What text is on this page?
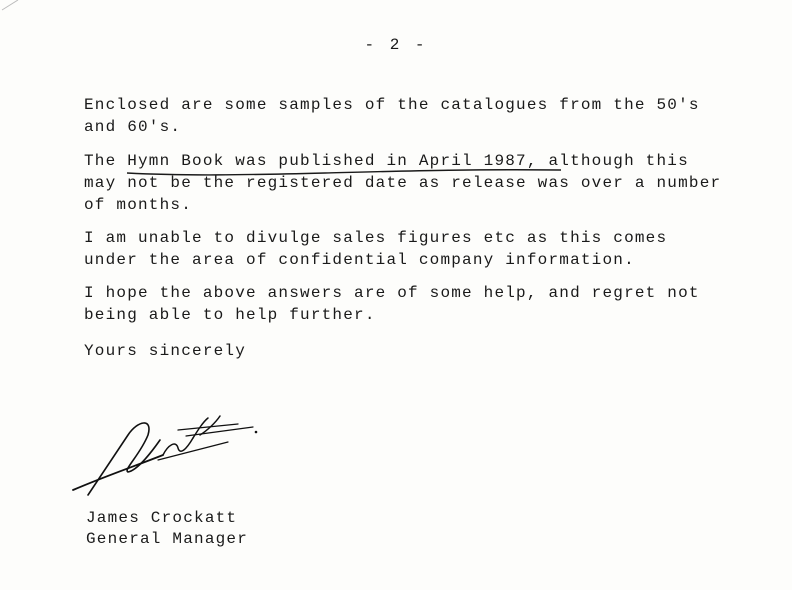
- 2 -
Enclosed are some samples of the catalogues from the 50's
and 60's.
The Hymn Book was published in April 1987, although this
may not be the registered date as release was over a number
of months.
I am unable to divulge sales figures etc as this comes
under the area of confidential company information.
I hope the above answers are of some help, and regret not
being able to help further.
Yours sincerely
James Crockatt
General Manager
